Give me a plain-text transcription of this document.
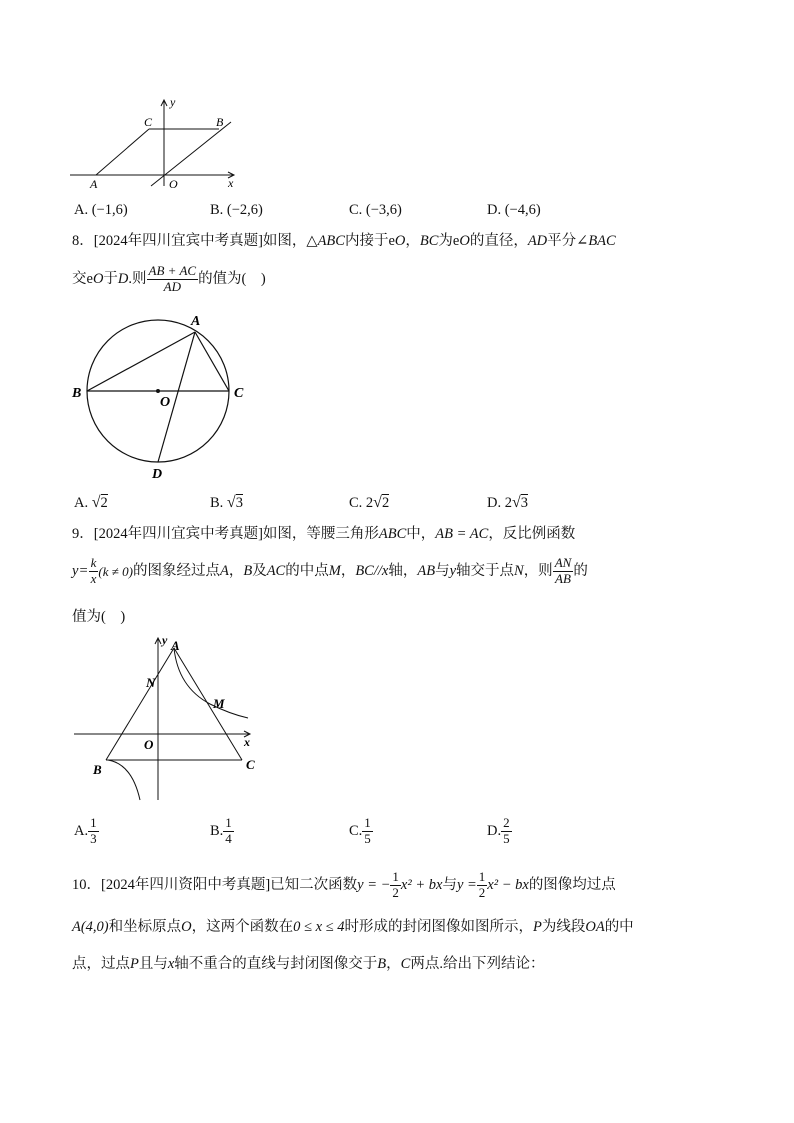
y
x
C	B
A	O
A. (−1,6)	B. (−2,6)	C. (−3,6)	D. (−4,6)
8．[2024年四川宜宾中考真题]如图，△ABC内接于eO，BC为eO的直径，AD平分∠BAC
交 e O 于 D .则 $\frac{AB + AC}{AD}$ 的值为(　)
A
B	C
O
D
A. √2	B. √3	C. 2√2	D. 2√3
9．[2024年四川宜宾中考真题]如图，等腰三角形ABC中，AB = AC，反比例函数
$y = \frac{k}{x} (k \ne 0)$ 的图象经过点 A ， B 及 AC 的中点 M ， BC//x 轴， AB 与 y 轴交于点 N ，则 $\frac{AN}{AB}$ 的
值为(　)
y A
N
M
O	x
B	C
A. $\frac{1}{3}$	B. $\frac{1}{4}$	C. $\frac{1}{5}$	D. $\frac{2}{5}$
10． [2024年四川资阳中考真题]已知二次函数 y = − $\frac{1}{2} x^2$ + bx 与 $y = \frac{1}{2} x^2$ − bx 的图像均过点
A(4,0)和坐标原点O，这两个函数在0 ≤ x ≤ 4时形成的封闭图像如图所示，P为线段OA的中
点，过点P且与x轴不重合的直线与封闭图像交于B，C两点.给出下列结论：
